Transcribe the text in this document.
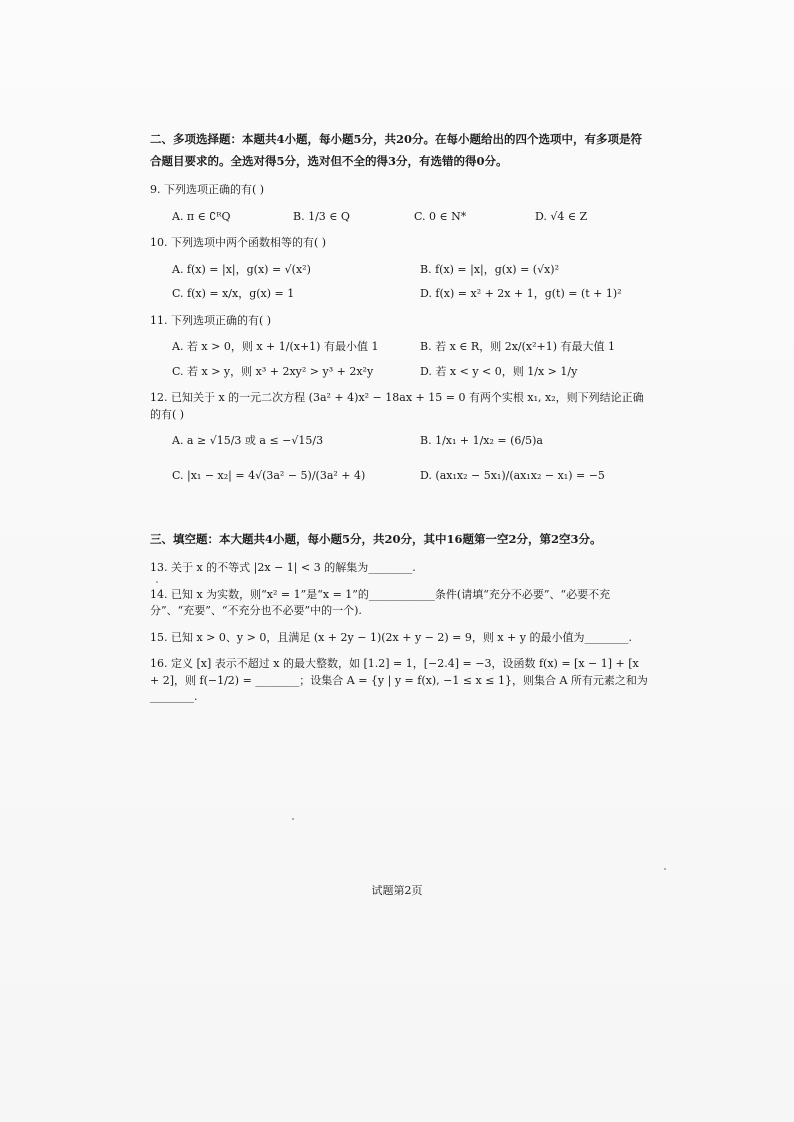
二、多项选择题：本题共4小题，每小题5分，共20分。在每小题给出的四个选项中，有多项是符合题目要求的。全选对得5分，选对但不全的得3分，有选错的得0分。

9. 下列选项正确的有( )

A. π ∈ ∁ᴿQ	B. 1/3 ∈ Q	C. 0 ∈ N*	D. √4 ∈ Z

10. 下列选项中两个函数相等的有( )

A. f(x) = |x|，g(x) = √(x²)	B. f(x) = |x|，g(x) = (√x)²
C. f(x) = x/x，g(x) = 1	D. f(x) = x² + 2x + 1，g(t) = (t + 1)²

11. 下列选项正确的有( )

A. 若 x > 0，则 x + 1/(x+1) 有最小值 1	B. 若 x ∈ R，则 2x/(x²+1) 有最大值 1
C. 若 x > y，则 x³ + 2xy² > y³ + 2x²y	D. 若 x < y < 0，则 1/x > 1/y

12. 已知关于 x 的一元二次方程 (3a² + 4)x² − 18ax + 15 = 0 有两个实根 x₁, x₂，则下列结论正确的有( )

A. a ≥ √15/3 或 a ≤ −√15/3	B. 1/x₁ + 1/x₂ = (6/5)a
C. |x₁ − x₂| = 4√(3a² − 5)/(3a² + 4)	D. (ax₁x₂ − 5x₁)/(ax₁x₂ − x₁) = −5

三、填空题：本大题共4小题，每小题5分，共20分，其中16题第一空2分，第2空3分。

13. 关于 x 的不等式 |2x − 1| < 3 的解集为________.

14. 已知 x 为实数，则“x² = 1”是“x = 1”的____________条件(请填“充分不必要”、“必要不充分”、“充要”、“不充分也不必要”中的一个).

15. 已知 x > 0、y > 0，且满足 (x + 2y − 1)(2x + y − 2) = 9，则 x + y 的最小值为________.

16. 定义 [x] 表示不超过 x 的最大整数，如 [1.2] = 1，[−2.4] = −3，设函数 f(x) = [x − 1] + [x + 2]，则 f(−1/2) = ________；设集合 A = {y | y = f(x), −1 ≤ x ≤ 1}，则集合 A 所有元素之和为________.

试题第2页
